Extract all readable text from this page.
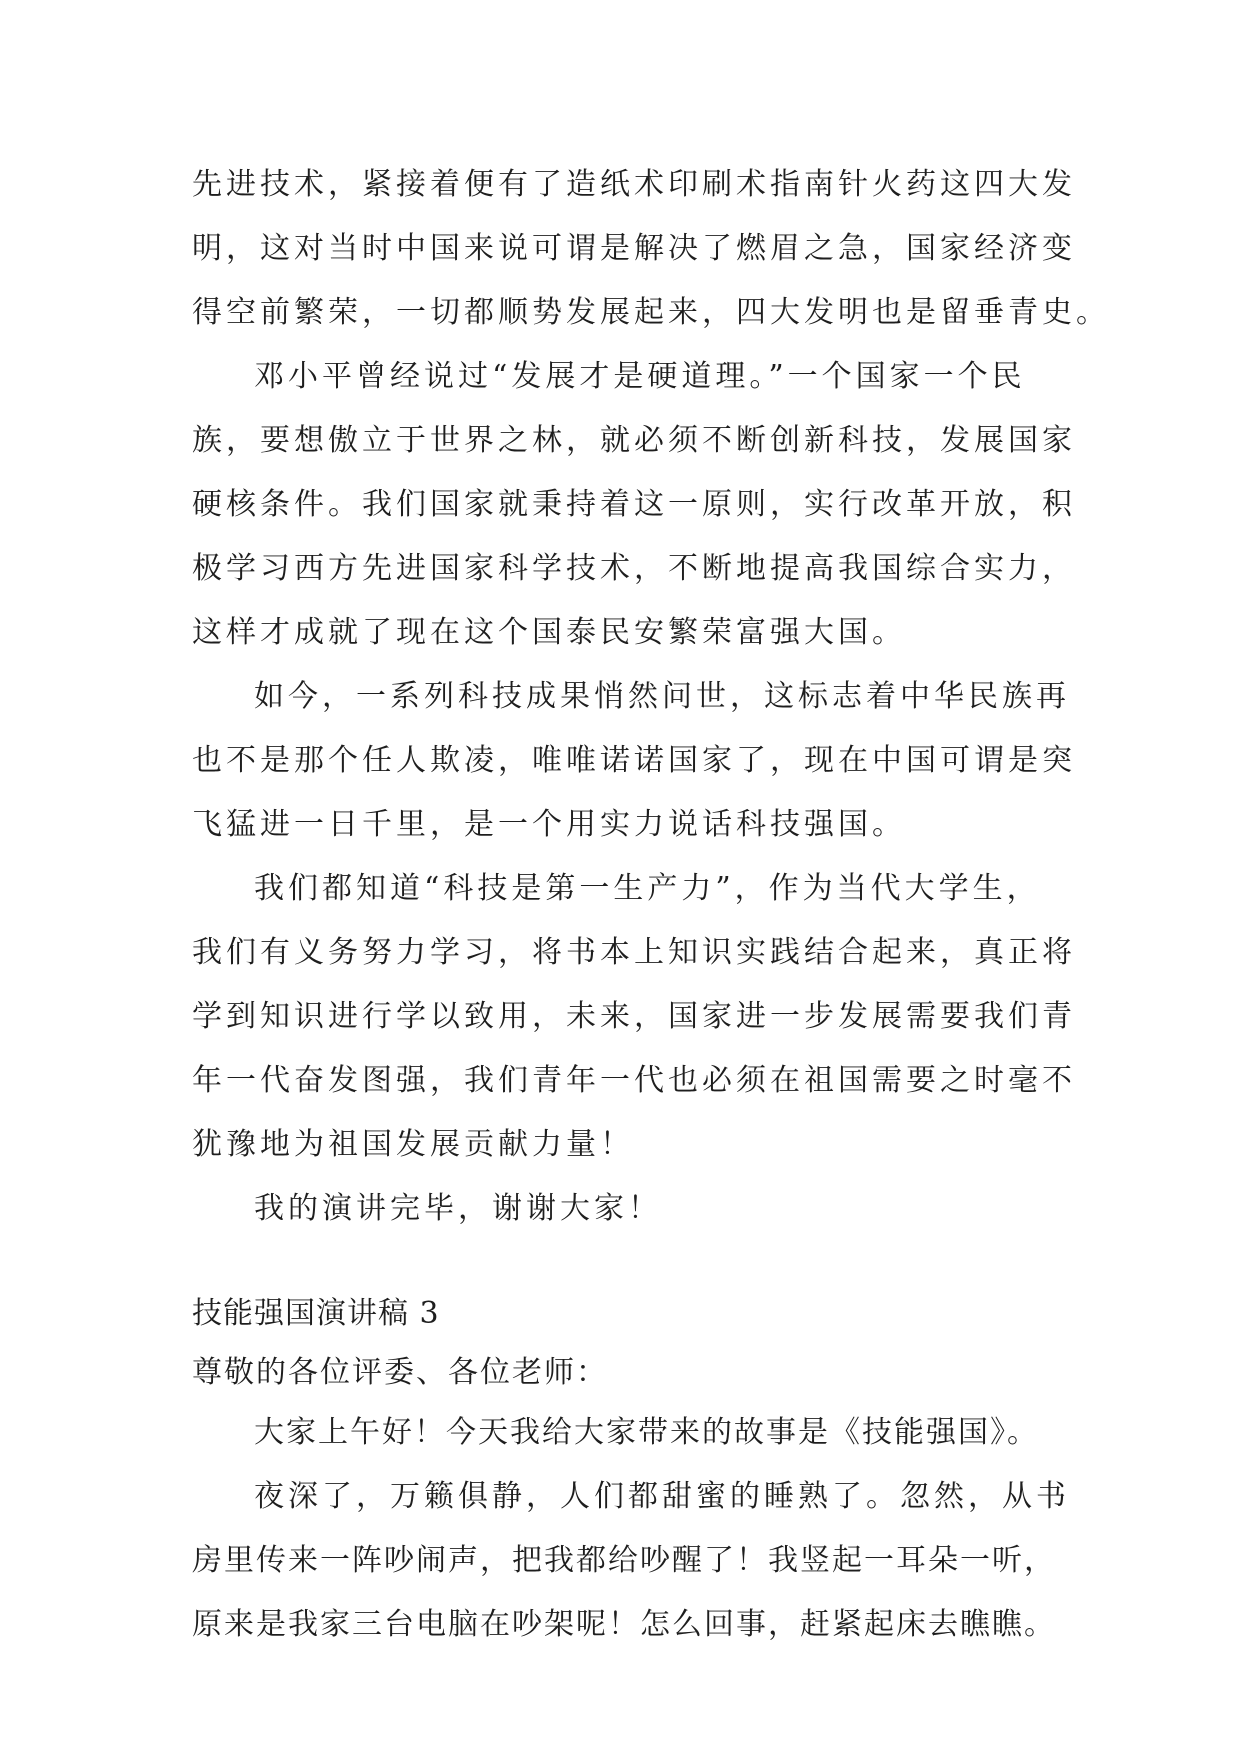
先进技术，紧接着便有了造纸术印刷术指南针火药这四大发
明，这对当时中国来说可谓是解决了燃眉之急，国家经济变
得空前繁荣，一切都顺势发展起来，四大发明也是留垂青史。
邓小平曾经说过“发展才是硬道理。”一个国家一个民
族，要想傲立于世界之林，就必须不断创新科技，发展国家
硬核条件。我们国家就秉持着这一原则，实行改革开放，积
极学习西方先进国家科学技术，不断地提高我国综合实力，
这样才成就了现在这个国泰民安繁荣富强大国。
如今，一系列科技成果悄然问世，这标志着中华民族再
也不是那个任人欺凌，唯唯诺诺国家了，现在中国可谓是突
飞猛进一日千里，是一个用实力说话科技强国。
我们都知道“科技是第一生产力”，作为当代大学生，
我们有义务努力学习，将书本上知识实践结合起来，真正将
学到知识进行学以致用，未来，国家进一步发展需要我们青
年一代奋发图强，我们青年一代也必须在祖国需要之时毫不
犹豫地为祖国发展贡献力量！
我的演讲完毕，谢谢大家！
技能强国演讲稿 3
尊敬的各位评委、各位老师：
大家上午好！今天我给大家带来的故事是《技能强国》。
夜深了，万籁俱静，人们都甜蜜的睡熟了。忽然，从书
房里传来一阵吵闹声，把我都给吵醒了！我竖起一耳朵一听，
原来是我家三台电脑在吵架呢！怎么回事，赶紧起床去瞧瞧。
